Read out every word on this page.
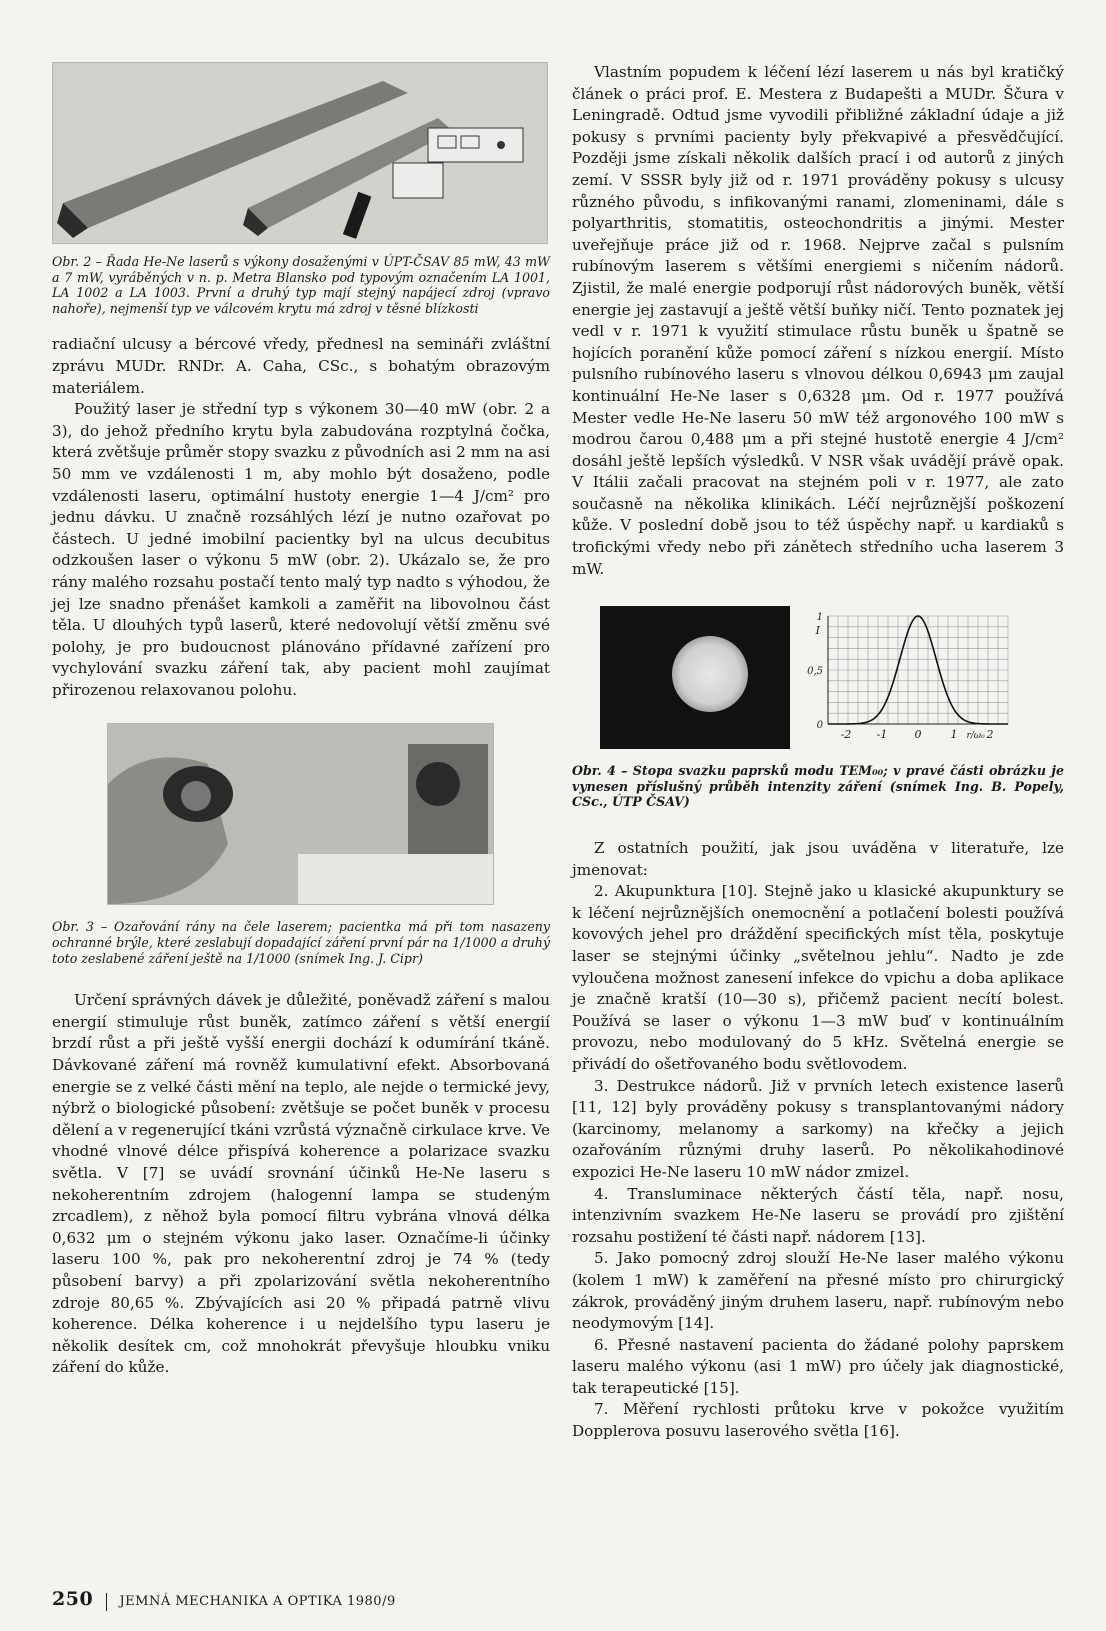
Obr. 2 – Řada He-Ne laserů s výkony dosaženými v ÚPT-ČSAV 85 mW, 43 mW a 7 mW, vyráběných v n. p. Metra Blansko pod typovým označením LA 1001, LA 1002 a LA 1003. První a druhý typ mají stejný napájecí zdroj (vpravo nahoře), nejmenší typ ve válcovém krytu má zdroj v těsné blízkosti

radiační ulcusy a bércové vředy, přednesl na semináři zvláštní zprávu MUDr. RNDr. A. Caha, CSc., s bohatým obrazovým materiálem.

Použitý laser je střední typ s výkonem 30—40 mW (obr. 2 a 3), do jehož předního krytu byla zabudována rozptylná čočka, která zvětšuje průměr stopy svazku z původních asi 2 mm na asi 50 mm ve vzdálenosti 1 m, aby mohlo být dosaženo, podle vzdálenosti laseru, optimální hustoty energie 1—4 J/cm² pro jednu dávku. U značně rozsáhlých lézí je nutno ozařovat po částech. U jedné imobilní pacientky byl na ulcus decubitus odzkoušen laser o výkonu 5 mW (obr. 2). Ukázalo se, že pro rány malého rozsahu postačí tento malý typ nadto s výhodou, že jej lze snadno přenášet kamkoli a zaměřit na libovolnou část těla. U dlouhých typů laserů, které nedovolují větší změnu své polohy, je pro budoucnost plánováno přídavné zařízení pro vychylování svazku záření tak, aby pacient mohl zaujímat přirozenou relaxovanou polohu.

Obr. 3 – Ozařování rány na čele laserem; pacientka má při tom nasazeny ochranné brýle, které zeslabují dopadající záření první pár na 1/1000 a druhý toto zeslabené záření ještě na 1/1000 (snímek Ing. J. Cipr)

Určení správných dávek je důležité, poněvadž záření s malou energií stimuluje růst buněk, zatímco záření s větší energií brzdí růst a při ještě vyšší energii dochází k odumírání tkáně. Dávkované záření má rovněž kumulativní efekt. Absorbovaná energie se z velké části mění na teplo, ale nejde o termické jevy, nýbrž o biologické působení: zvětšuje se počet buněk v procesu dělení a v regenerující tkáni vzrůstá význačně cirkulace krve. Ve vhodné vlnové délce přispívá koherence a polarizace svazku světla. V [7] se uvádí srovnání účinků He-Ne laseru s nekoherentním zdrojem (halogenní lampa se studeným zrcadlem), z něhož byla pomocí filtru vybrána vlnová délka 0,632 μm o stejném výkonu jako laser. Označíme-li účinky laseru 100 %, pak pro nekoherentní zdroj je 74 % (tedy působení barvy) a při zpolarizování světla nekoherentního zdroje 80,65 %. Zbývajících asi 20 % připadá patrně vlivu koherence. Délka koherence i u nejdelšího typu laseru je několik desítek cm, což mnohokrát převyšuje hloubku vniku záření do kůže.

Vlastním popudem k léčení lézí laserem u nás byl kratičký článek o práci prof. E. Mestera z Budapešti a MUDr. Ščura v Leningradě. Odtud jsme vyvodili přibližné základní údaje a již pokusy s prvními pacienty byly překvapivé a přesvědčující. Později jsme získali několik dalších prací i od autorů z jiných zemí. V SSSR byly již od r. 1971 prováděny pokusy s ulcusy různého původu, s infikovanými ranami, zlomeninami, dále s polyarthritis, stomatitis, osteochondritis a jinými. Mester uveřejňuje práce již od r. 1968. Nejprve začal s pulsním rubínovým laserem s většími energiemi s ničením nádorů. Zjistil, že malé energie podporují růst nádorových buněk, větší energie jej zastavují a ještě větší buňky ničí. Tento poznatek jej vedl v r. 1971 k využití stimulace růstu buněk u špatně se hojících poranění kůže pomocí záření s nízkou energií. Místo pulsního rubínového laseru s vlnovou délkou 0,6943 μm zaujal kontinuální He-Ne laser s 0,6328 μm. Od r. 1977 používá Mester vedle He-Ne laseru 50 mW též argonového 100 mW s modrou čarou 0,488 μm a při stejné hustotě energie 4 J/cm² dosáhl ještě lepších výsledků. V NSR však uvádějí právě opak. V Itálii začali pracovat na stejném poli v r. 1977, ale zato současně na několika klinikách. Léčí nejrůznější poškození kůže. V poslední době jsou to též úspěchy např. u kardiaků s trofickými vředy nebo při zánětech středního ucha laserem 3 mW.

-2 -1 0	1	2
0
0,5
1
I
r/ω₀
Obr. 4 – Stopa svazku paprsků modu TEM₀₀; v pravé části obrázku je vynesen příslušný průběh intenzity záření (snímek Ing. B. Popely, CSc., ÚTP ČSAV)

Z ostatních použití, jak jsou uváděna v literatuře, lze jmenovat:

2. Akupunktura [10]. Stejně jako u klasické akupunktury se k léčení nejrůznějších onemocnění a potlačení bolesti používá kovových jehel pro dráždění specifických míst těla, poskytuje laser se stejnými účinky „světelnou jehlu“. Nadto je zde vyloučena možnost zanesení infekce do vpichu a doba aplikace je značně kratší (10—30 s), přičemž pacient necítí bolest. Používá se laser o výkonu 1—3 mW buď v kontinuálním provozu, nebo modulovaný do 5 kHz. Světelná energie se přivádí do ošetřovaného bodu světlovodem.

3. Destrukce nádorů. Již v prvních letech existence laserů [11, 12] byly prováděny pokusy s transplantovanými nádory (karcinomy, melanomy a sarkomy) na křečky a jejich ozařováním různými druhy laserů. Po několikahodinové expozici He-Ne laseru 10 mW nádor zmizel.

4. Transluminace některých částí těla, např. nosu, intenzivním svazkem He-Ne laseru se provádí pro zjištění rozsahu postižení té části např. nádorem [13].

5. Jako pomocný zdroj slouží He-Ne laser malého výkonu (kolem 1 mW) k zaměření na přesné místo pro chirurgický zákrok, prováděný jiným druhem laseru, např. rubínovým nebo neodymovým [14].

6. Přesné nastavení pacienta do žádané polohy paprskem laseru malého výkonu (asi 1 mW) pro účely jak diagnostické, tak terapeutické [15].

7. Měření rychlosti průtoku krve v pokožce využitím Dopplerova posuvu laserového světla [16].

250 JEMNÁ MECHANIKA A OPTIKA 1980/9
